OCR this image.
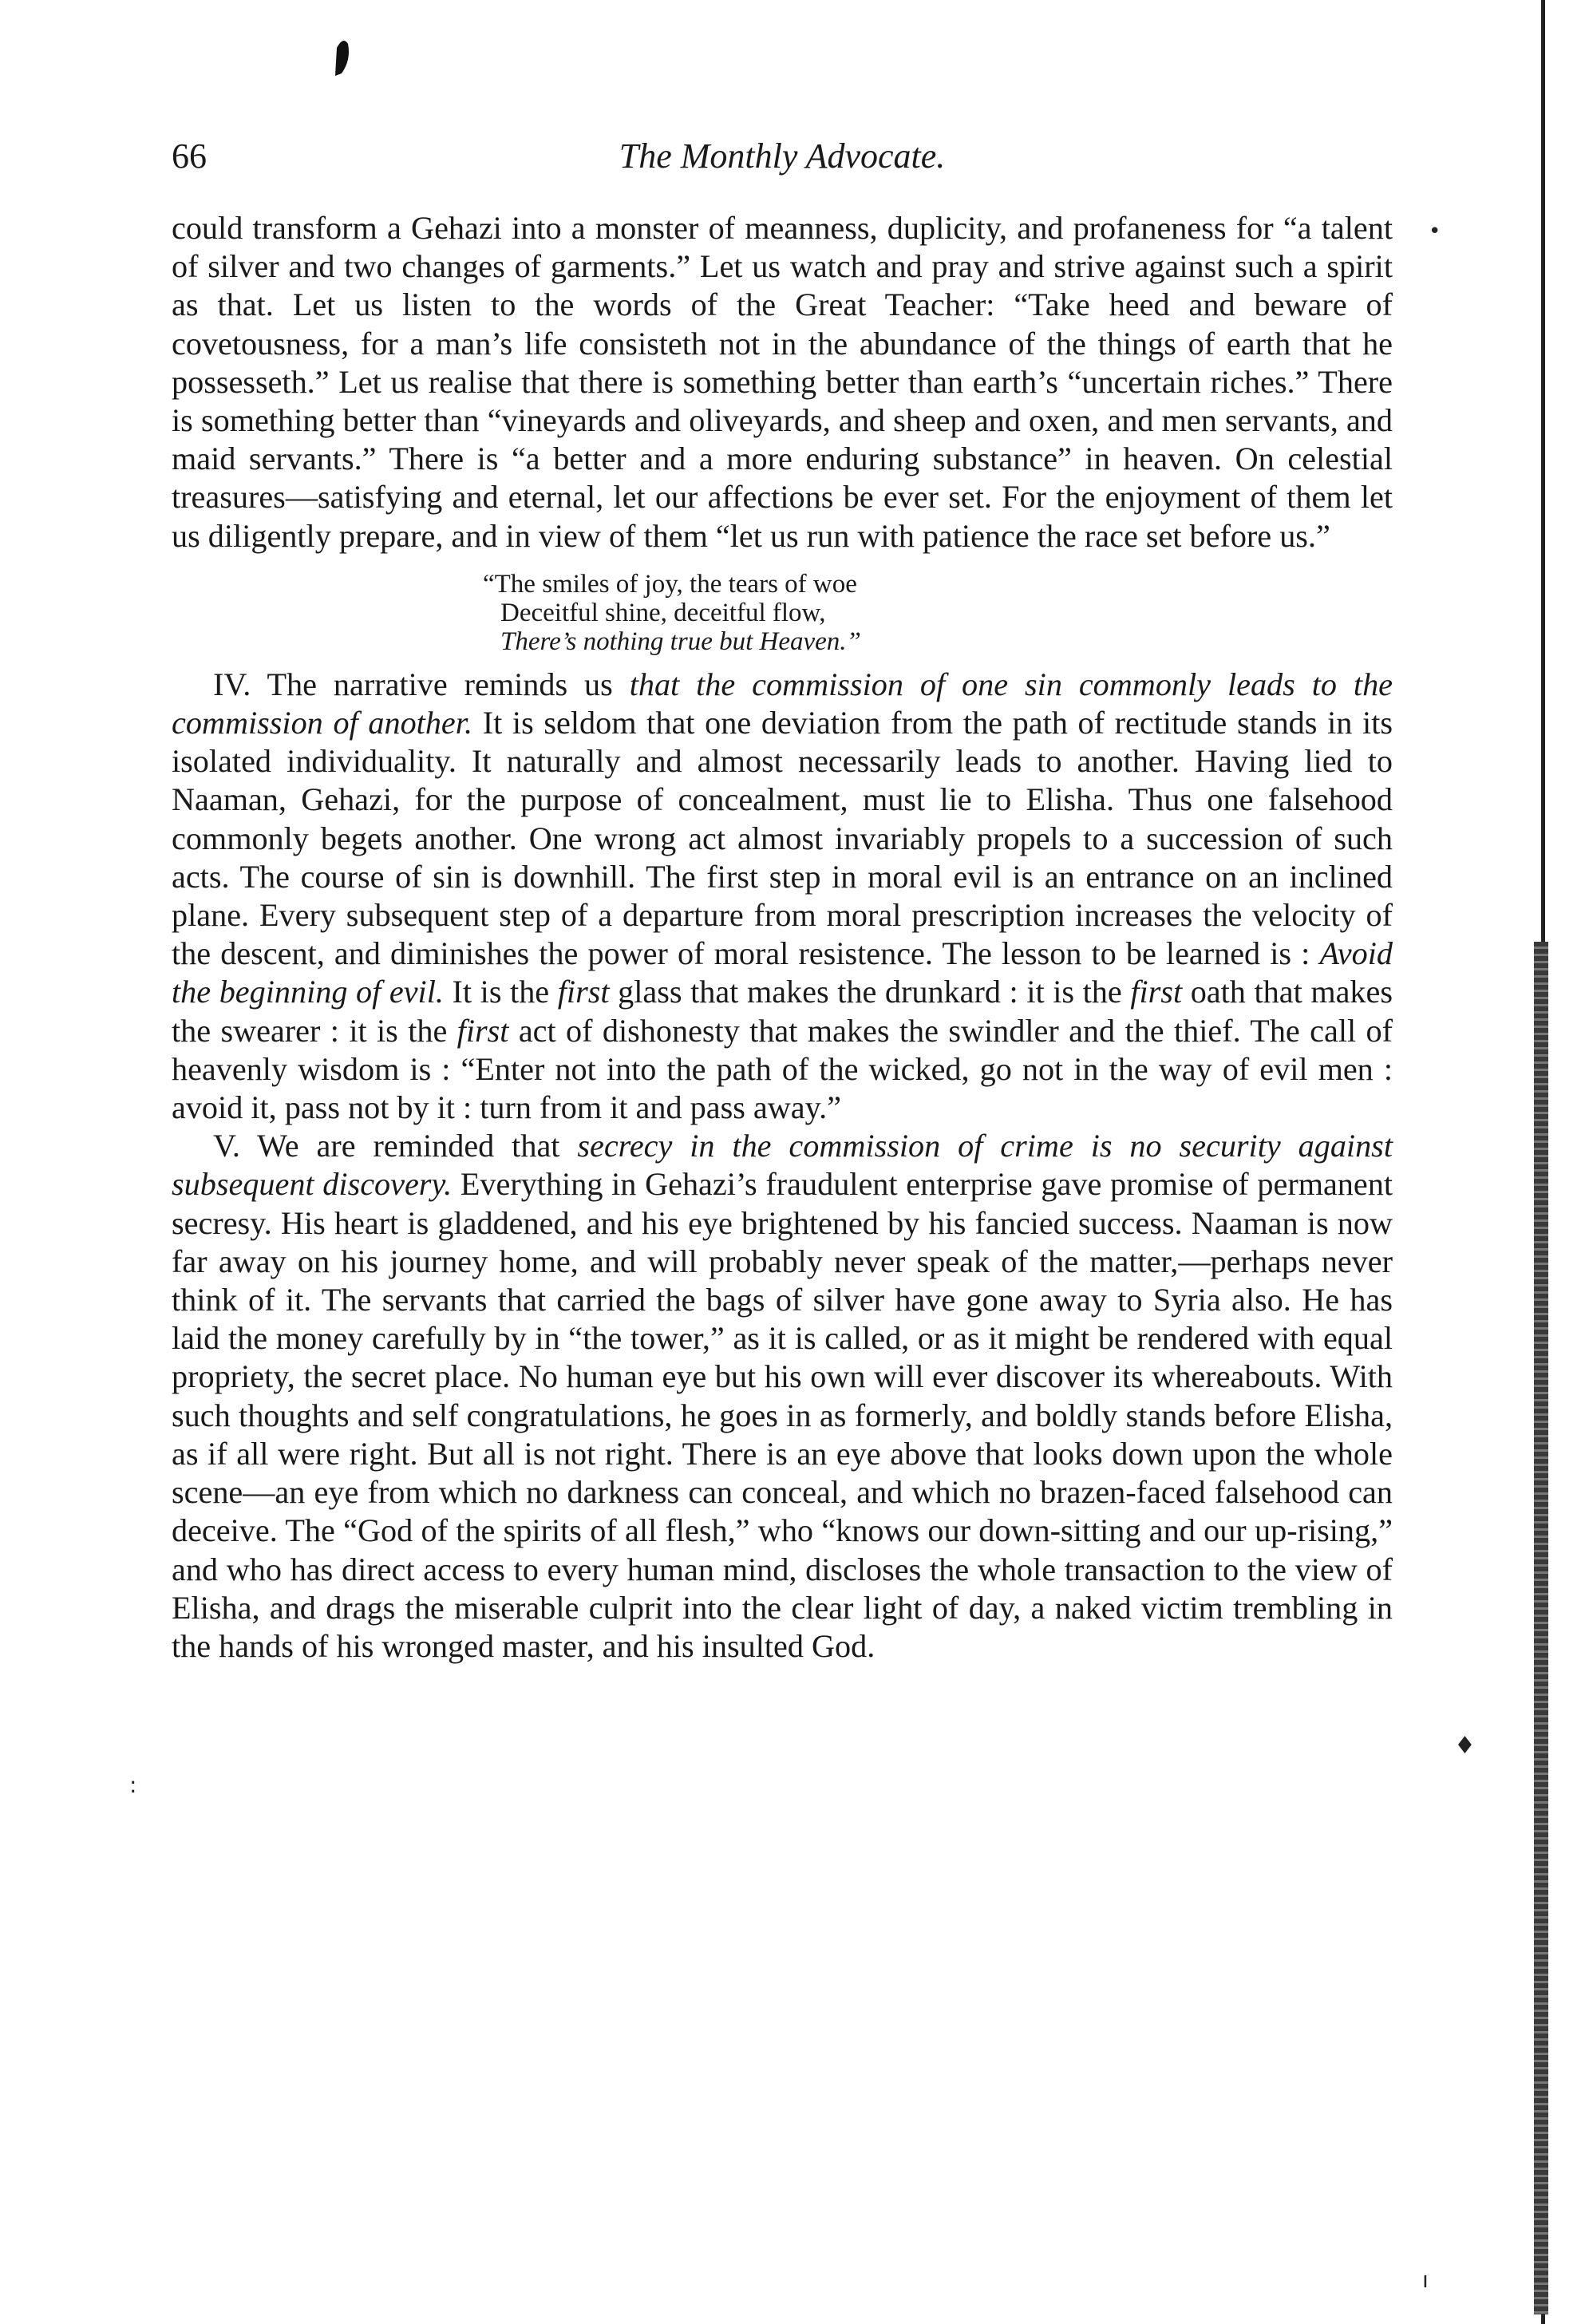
66	The Monthly Advocate.

could transform a Gehazi into a monster of meanness, duplicity, and profaneness for “a talent of silver and two changes of garments.” Let us watch and pray and strive against such a spirit as that. Let us listen to the words of the Great Teacher: “Take heed and beware of covetousness, for a man’s life consisteth not in the abundance of the things of earth that he possesseth.” Let us realise that there is something better than earth’s “uncertain riches.” There is something better than “vineyards and oliveyards, and sheep and oxen, and men servants, and maid servants.” There is “a better and a more enduring substance” in heaven. On celestial treasures—satisfying and eternal, let our affections be ever set. For the enjoyment of them let us diligently prepare, and in view of them “let us run with patience the race set before us.”

“The smiles of joy, the tears of woe
Deceitful shine, deceitful flow,
There’s nothing true but Heaven.”

IV. The narrative reminds us that the commission of one sin commonly leads to the commission of another. It is seldom that one deviation from the path of rectitude stands in its isolated individuality. It naturally and almost necessarily leads to another. Having lied to Naaman, Gehazi, for the purpose of concealment, must lie to Elisha. Thus one falsehood commonly begets another. One wrong act almost invariably propels to a succession of such acts. The course of sin is downhill. The first step in moral evil is an entrance on an inclined plane. Every subsequent step of a departure from moral prescription increases the velocity of the descent, and diminishes the power of moral resistence. The lesson to be learned is : Avoid the beginning of evil. It is the first glass that makes the drunkard : it is the first oath that makes the swearer : it is the first act of dishonesty that makes the swindler and the thief. The call of heavenly wisdom is : “Enter not into the path of the wicked, go not in the way of evil men : avoid it, pass not by it : turn from it and pass away.”

V. We are reminded that secrecy in the commission of crime is no security against subsequent discovery. Everything in Gehazi’s fraudulent enterprise gave promise of permanent secresy. His heart is gladdened, and his eye brightened by his fancied success. Naaman is now far away on his journey home, and will probably never speak of the matter,—perhaps never think of it. The servants that carried the bags of silver have gone away to Syria also. He has laid the money carefully by in “the tower,” as it is called, or as it might be rendered with equal propriety, the secret place. No human eye but his own will ever discover its whereabouts. With such thoughts and self congratulations, he goes in as formerly, and boldly stands before Elisha, as if all were right. But all is not right. There is an eye above that looks down upon the whole scene—an eye from which no darkness can conceal, and which no brazen-faced falsehood can deceive. The “God of the spirits of all flesh,” who “knows our down-sitting and our up-rising,” and who has direct access to every human mind, discloses the whole transaction to the view of Elisha, and drags the miserable culprit into the clear light of day, a naked victim trembling in the hands of his wronged master, and his insulted God.

•
♦
:
ı
